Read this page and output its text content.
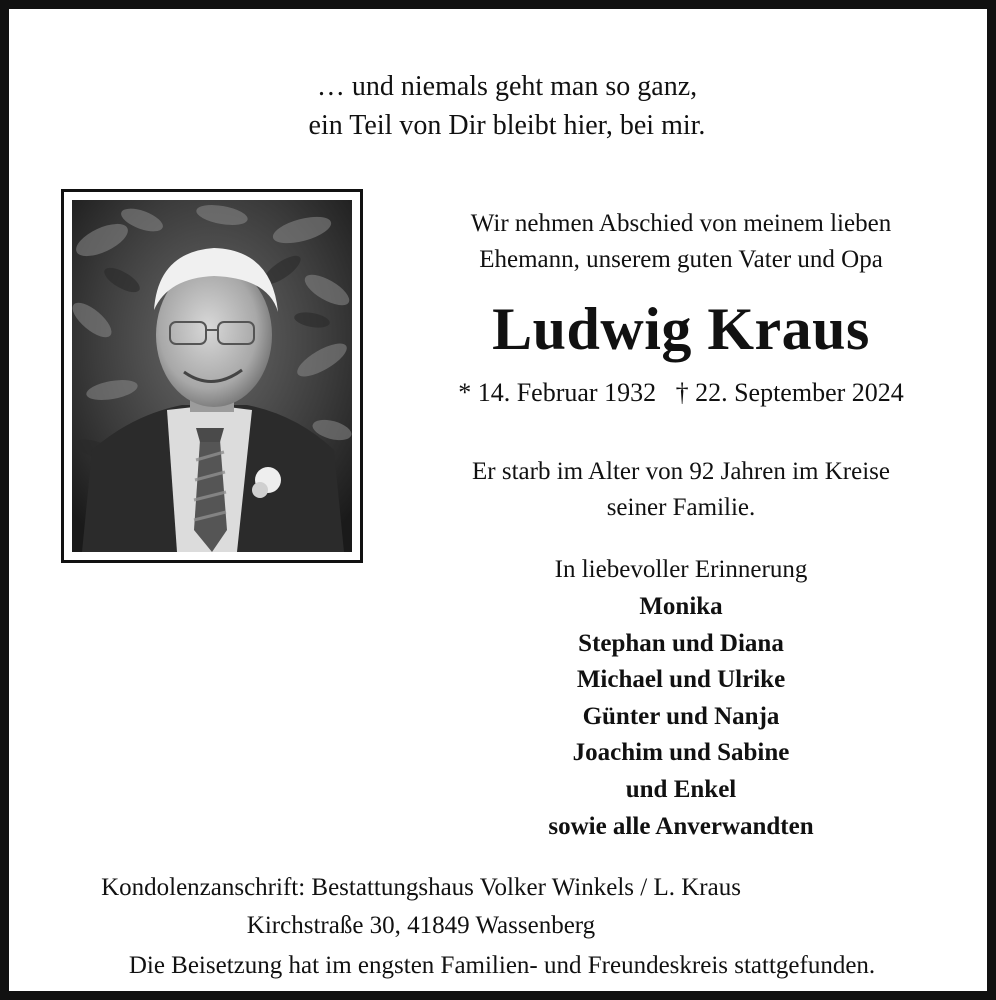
… und niemals geht man so ganz,
ein Teil von Dir bleibt hier, bei mir.
Wir nehmen Abschied von meinem lieben
Ehemann, unserem guten Vater und Opa
Ludwig Kraus
* 14. Februar 1932   † 22. September 2024
Er starb im Alter von 92 Jahren im Kreise
seiner Familie.
In liebevoller Erinnerung
Monika
Stephan und Diana
Michael und Ulrike
Günter und Nanja
Joachim und Sabine
und Enkel
sowie alle Anverwandten
Kondolenzanschrift: Bestattungshaus Volker Winkels / L. Kraus
Kirchstraße 30, 41849 Wassenberg
Die Beisetzung hat im engsten Familien- und Freundeskreis stattgefunden.
